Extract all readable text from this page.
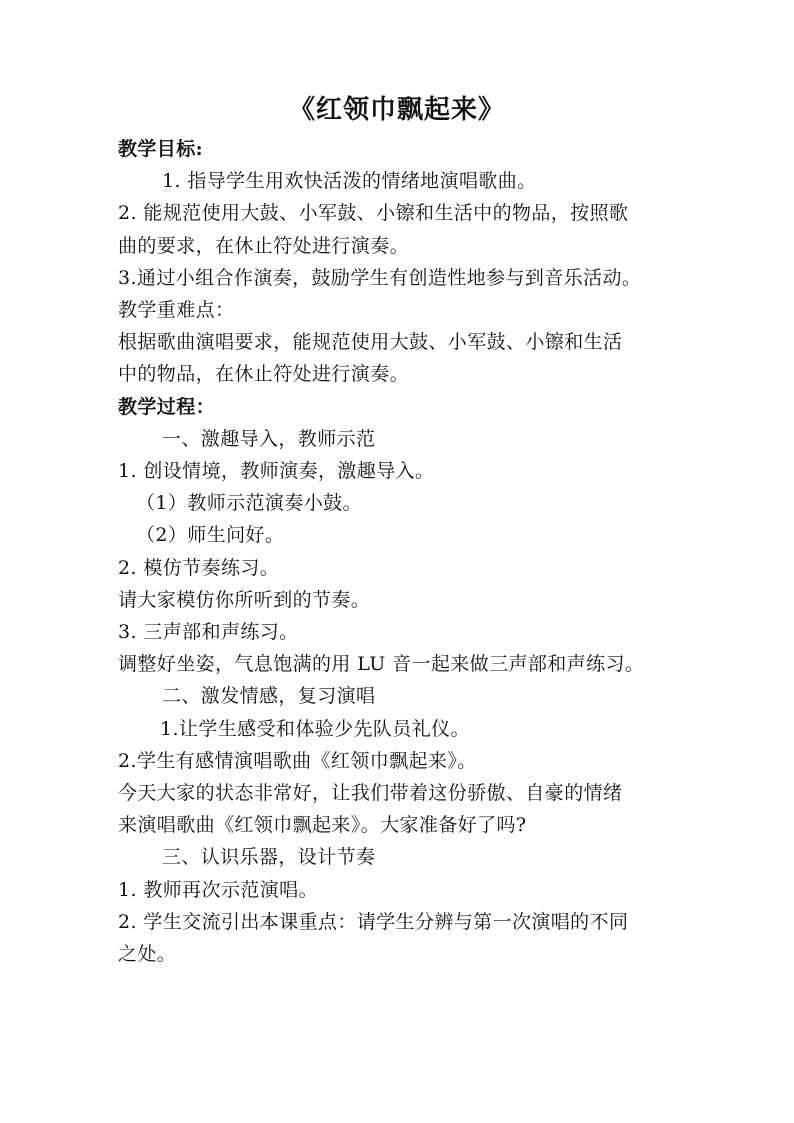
《红领巾飘起来》
教学目标:
1. 指导学生用欢快活泼的情绪地演唱歌曲。
2. 能规范使用大鼓、小军鼓、小镲和生活中的物品，按照歌
曲的要求，在休止符处进行演奏。
3.通过小组合作演奏，鼓励学生有创造性地参与到音乐活动。
教学重难点：
根据歌曲演唱要求，能规范使用大鼓、小军鼓、小镲和生活
中的物品，在休止符处进行演奏。
教学过程：
一、激趣导入，教师示范
1. 创设情境，教师演奏，激趣导入。
（1）教师示范演奏小鼓。
（2）师生问好。
2. 模仿节奏练习。
请大家模仿你所听到的节奏。
3. 三声部和声练习。
调整好坐姿，气息饱满的用 LU 音一起来做三声部和声练习。
二、激发情感，复习演唱
1.让学生感受和体验少先队员礼仪。
2.学生有感情演唱歌曲《红领巾飘起来》。
今天大家的状态非常好，让我们带着这份骄傲、自豪的情绪
来演唱歌曲《红领巾飘起来》。大家准备好了吗?
三、认识乐器，设计节奏
1. 教师再次示范演唱。
2. 学生交流引出本课重点：请学生分辨与第一次演唱的不同
之处。
